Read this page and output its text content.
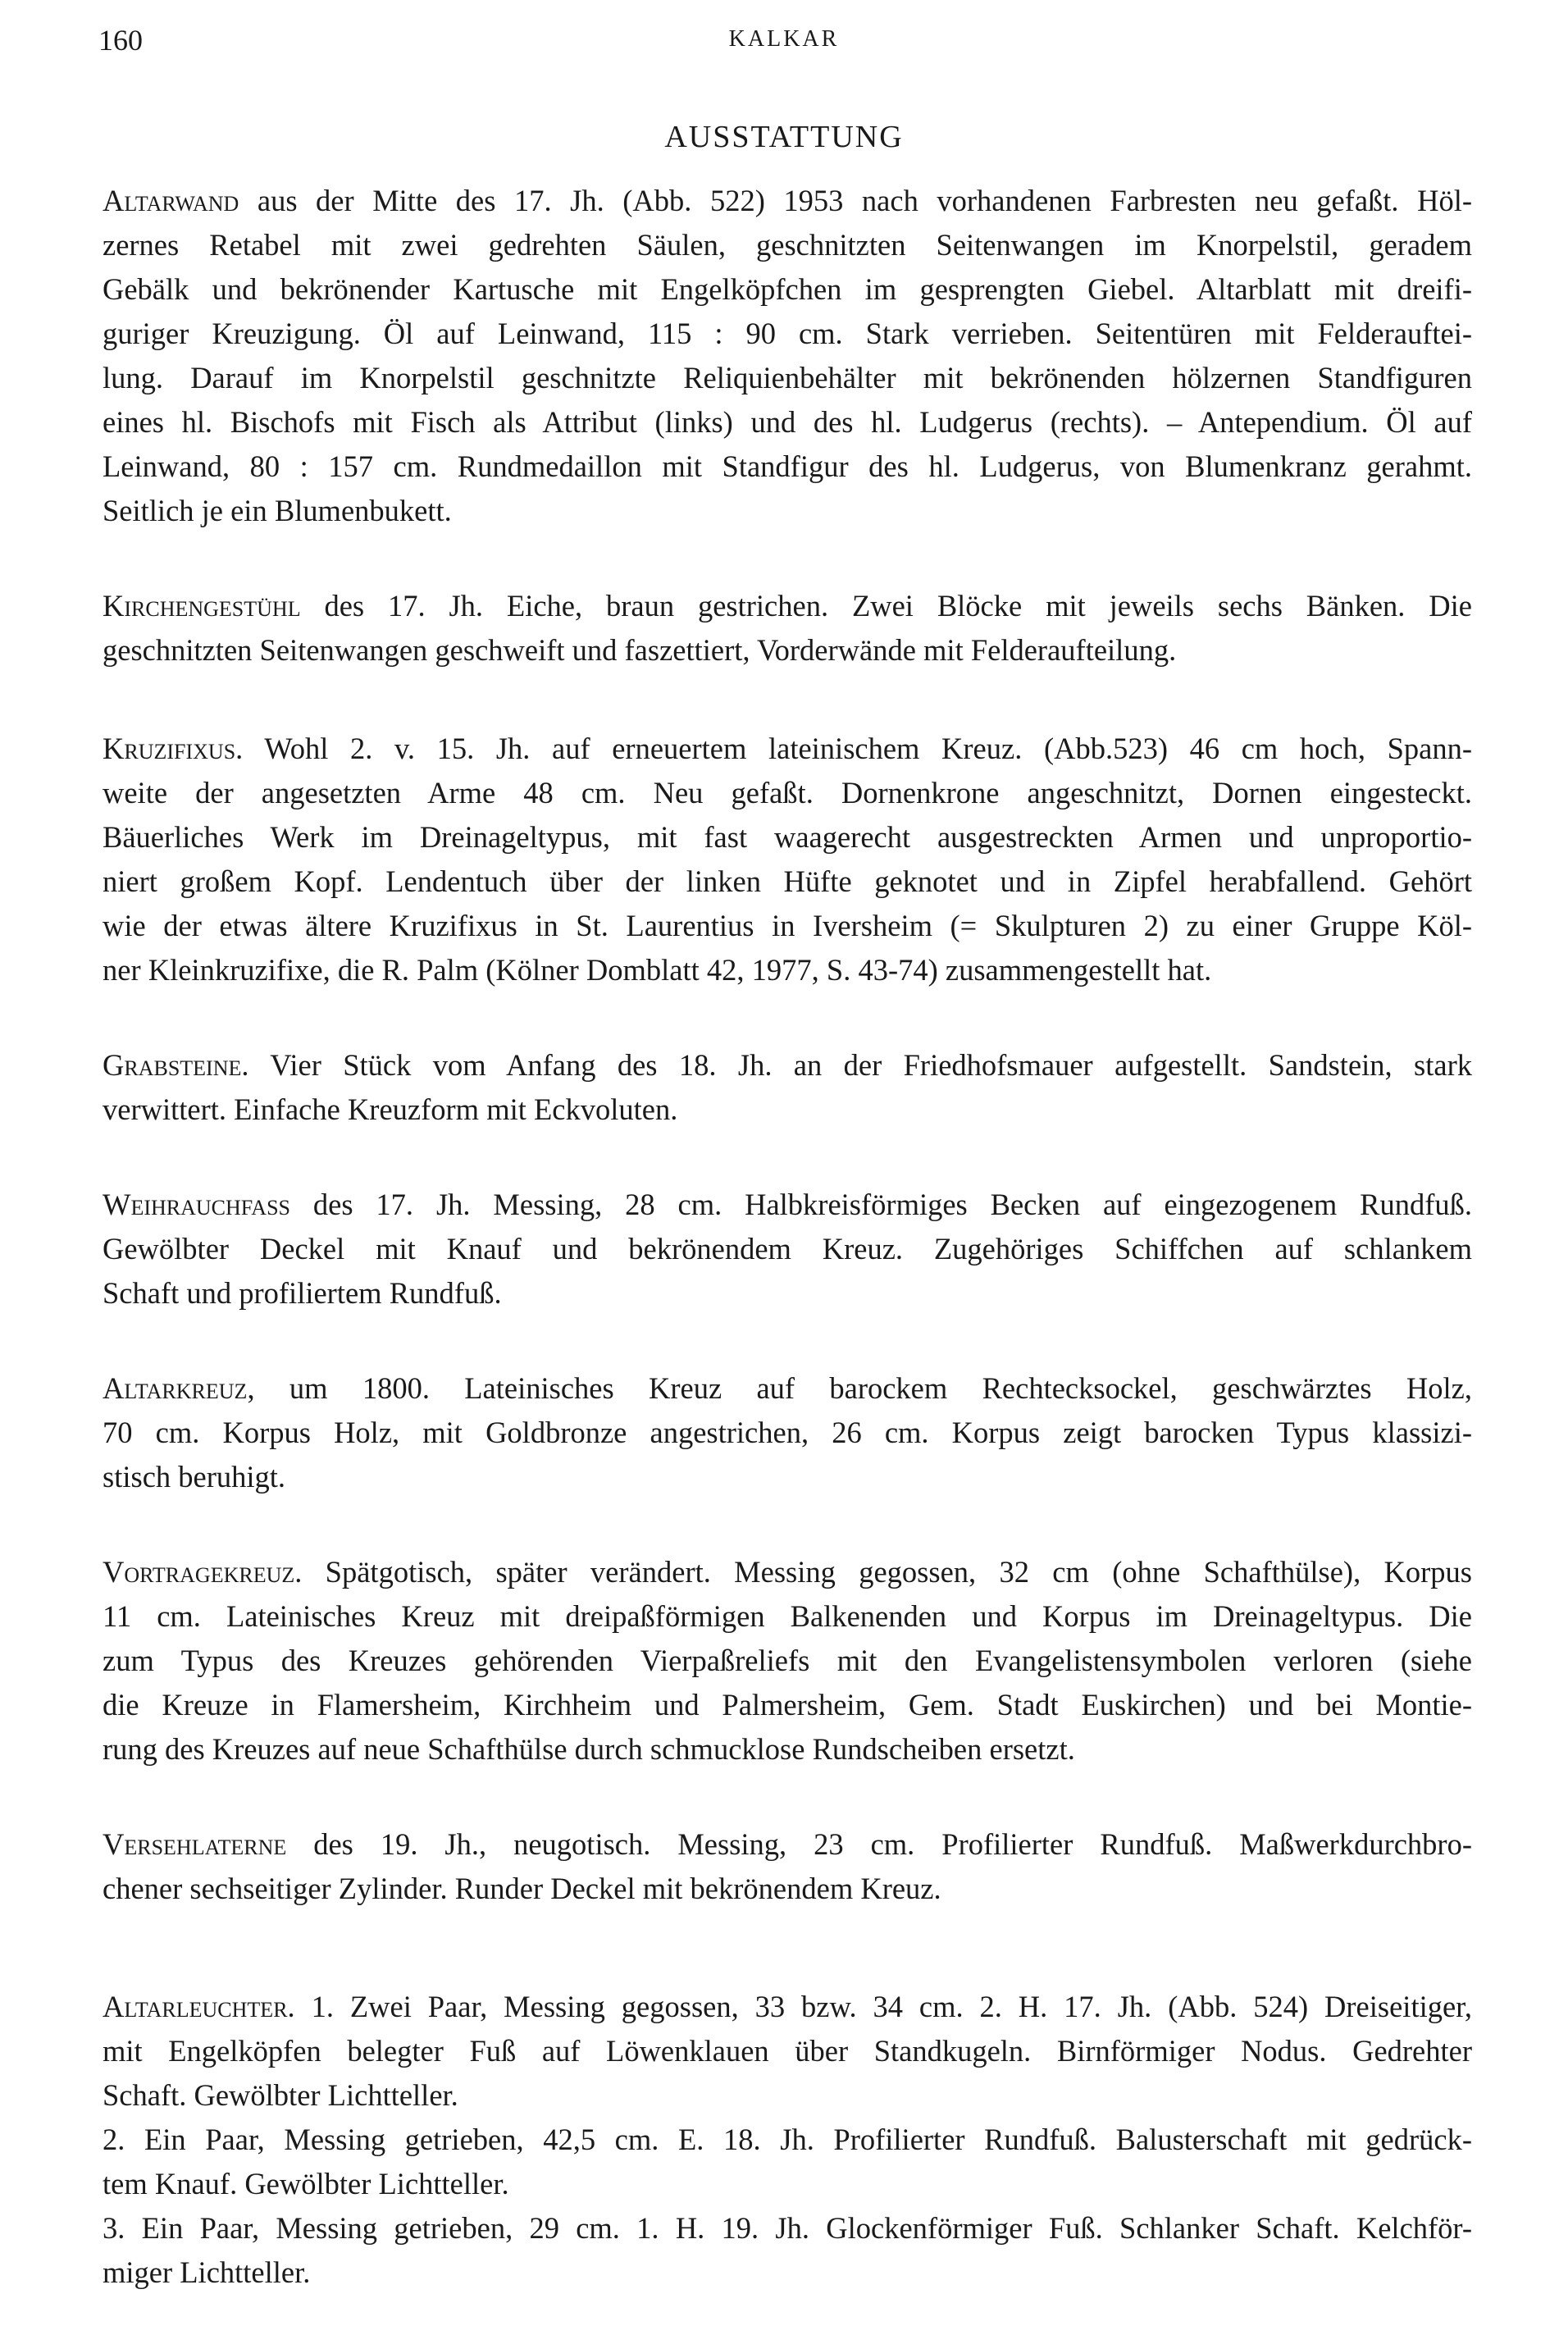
160	KALKAR
AUSSTATTUNG
Altarwand aus der Mitte des 17. Jh. (Abb. 522) 1953 nach vorhandenen Farbresten neu gefaßt. Höl-
zernes Retabel mit zwei gedrehten Säulen, geschnitzten Seitenwangen im Knorpelstil, geradem
Gebälk und bekrönender Kartusche mit Engelköpfchen im gesprengten Giebel. Altarblatt mit dreifi-
guriger Kreuzigung. Öl auf Leinwand, 115 : 90 cm. Stark verrieben. Seitentüren mit Felderauftei-
lung. Darauf im Knorpelstil geschnitzte Reliquienbehälter mit bekrönenden hölzernen Standfiguren
eines hl. Bischofs mit Fisch als Attribut (links) und des hl. Ludgerus (rechts). – Antependium. Öl auf
Leinwand, 80 : 157 cm. Rundmedaillon mit Standfigur des hl. Ludgerus, von Blumenkranz gerahmt.
Seitlich je ein Blumenbukett.
Kirchengestühl des 17. Jh. Eiche, braun gestrichen. Zwei Blöcke mit jeweils sechs Bänken. Die
geschnitzten Seitenwangen geschweift und faszettiert, Vorderwände mit Felderaufteilung.
Kruzifixus. Wohl 2. v. 15. Jh. auf erneuertem lateinischem Kreuz. (Abb.523) 46 cm hoch, Spann-
weite der angesetzten Arme 48 cm. Neu gefaßt. Dornenkrone angeschnitzt, Dornen eingesteckt.
Bäuerliches Werk im Dreinageltypus, mit fast waagerecht ausgestreckten Armen und unproportio-
niert großem Kopf. Lendentuch über der linken Hüfte geknotet und in Zipfel herabfallend. Gehört
wie der etwas ältere Kruzifixus in St. Laurentius in Iversheim (= Skulpturen 2) zu einer Gruppe Köl-
ner Kleinkruzifixe, die R. Palm (Kölner Domblatt 42, 1977, S. 43-74) zusammengestellt hat.
Grabsteine. Vier Stück vom Anfang des 18. Jh. an der Friedhofsmauer aufgestellt. Sandstein, stark
verwittert. Einfache Kreuzform mit Eckvoluten.
Weihrauchfass des 17. Jh. Messing, 28 cm. Halbkreisförmiges Becken auf eingezogenem Rundfuß.
Gewölbter Deckel mit Knauf und bekrönendem Kreuz. Zugehöriges Schiffchen auf schlankem
Schaft und profiliertem Rundfuß.
Altarkreuz, um 1800. Lateinisches Kreuz auf barockem Rechtecksockel, geschwärztes Holz,
70 cm. Korpus Holz, mit Goldbronze angestrichen, 26 cm. Korpus zeigt barocken Typus klassizi-
stisch beruhigt.
Vortragekreuz. Spätgotisch, später verändert. Messing gegossen, 32 cm (ohne Schafthülse), Korpus
11 cm. Lateinisches Kreuz mit dreipaßförmigen Balkenenden und Korpus im Dreinageltypus. Die
zum Typus des Kreuzes gehörenden Vierpaßreliefs mit den Evangelistensymbolen verloren (siehe
die Kreuze in Flamersheim, Kirchheim und Palmersheim, Gem. Stadt Euskirchen) und bei Montie-
rung des Kreuzes auf neue Schafthülse durch schmucklose Rundscheiben ersetzt.
Versehlaterne des 19. Jh., neugotisch. Messing, 23 cm. Profilierter Rundfuß. Maßwerkdurchbro-
chener sechseitiger Zylinder. Runder Deckel mit bekrönendem Kreuz.
Altarleuchter. 1. Zwei Paar, Messing gegossen, 33 bzw. 34 cm. 2. H. 17. Jh. (Abb. 524) Dreiseitiger,
mit Engelköpfen belegter Fuß auf Löwenklauen über Standkugeln. Birnförmiger Nodus. Gedrehter
Schaft. Gewölbter Lichtteller.
2. Ein Paar, Messing getrieben, 42,5 cm. E. 18. Jh. Profilierter Rundfuß. Balusterschaft mit gedrück-
tem Knauf. Gewölbter Lichtteller.
3. Ein Paar, Messing getrieben, 29 cm. 1. H. 19. Jh. Glockenförmiger Fuß. Schlanker Schaft. Kelchför-
miger Lichtteller.
